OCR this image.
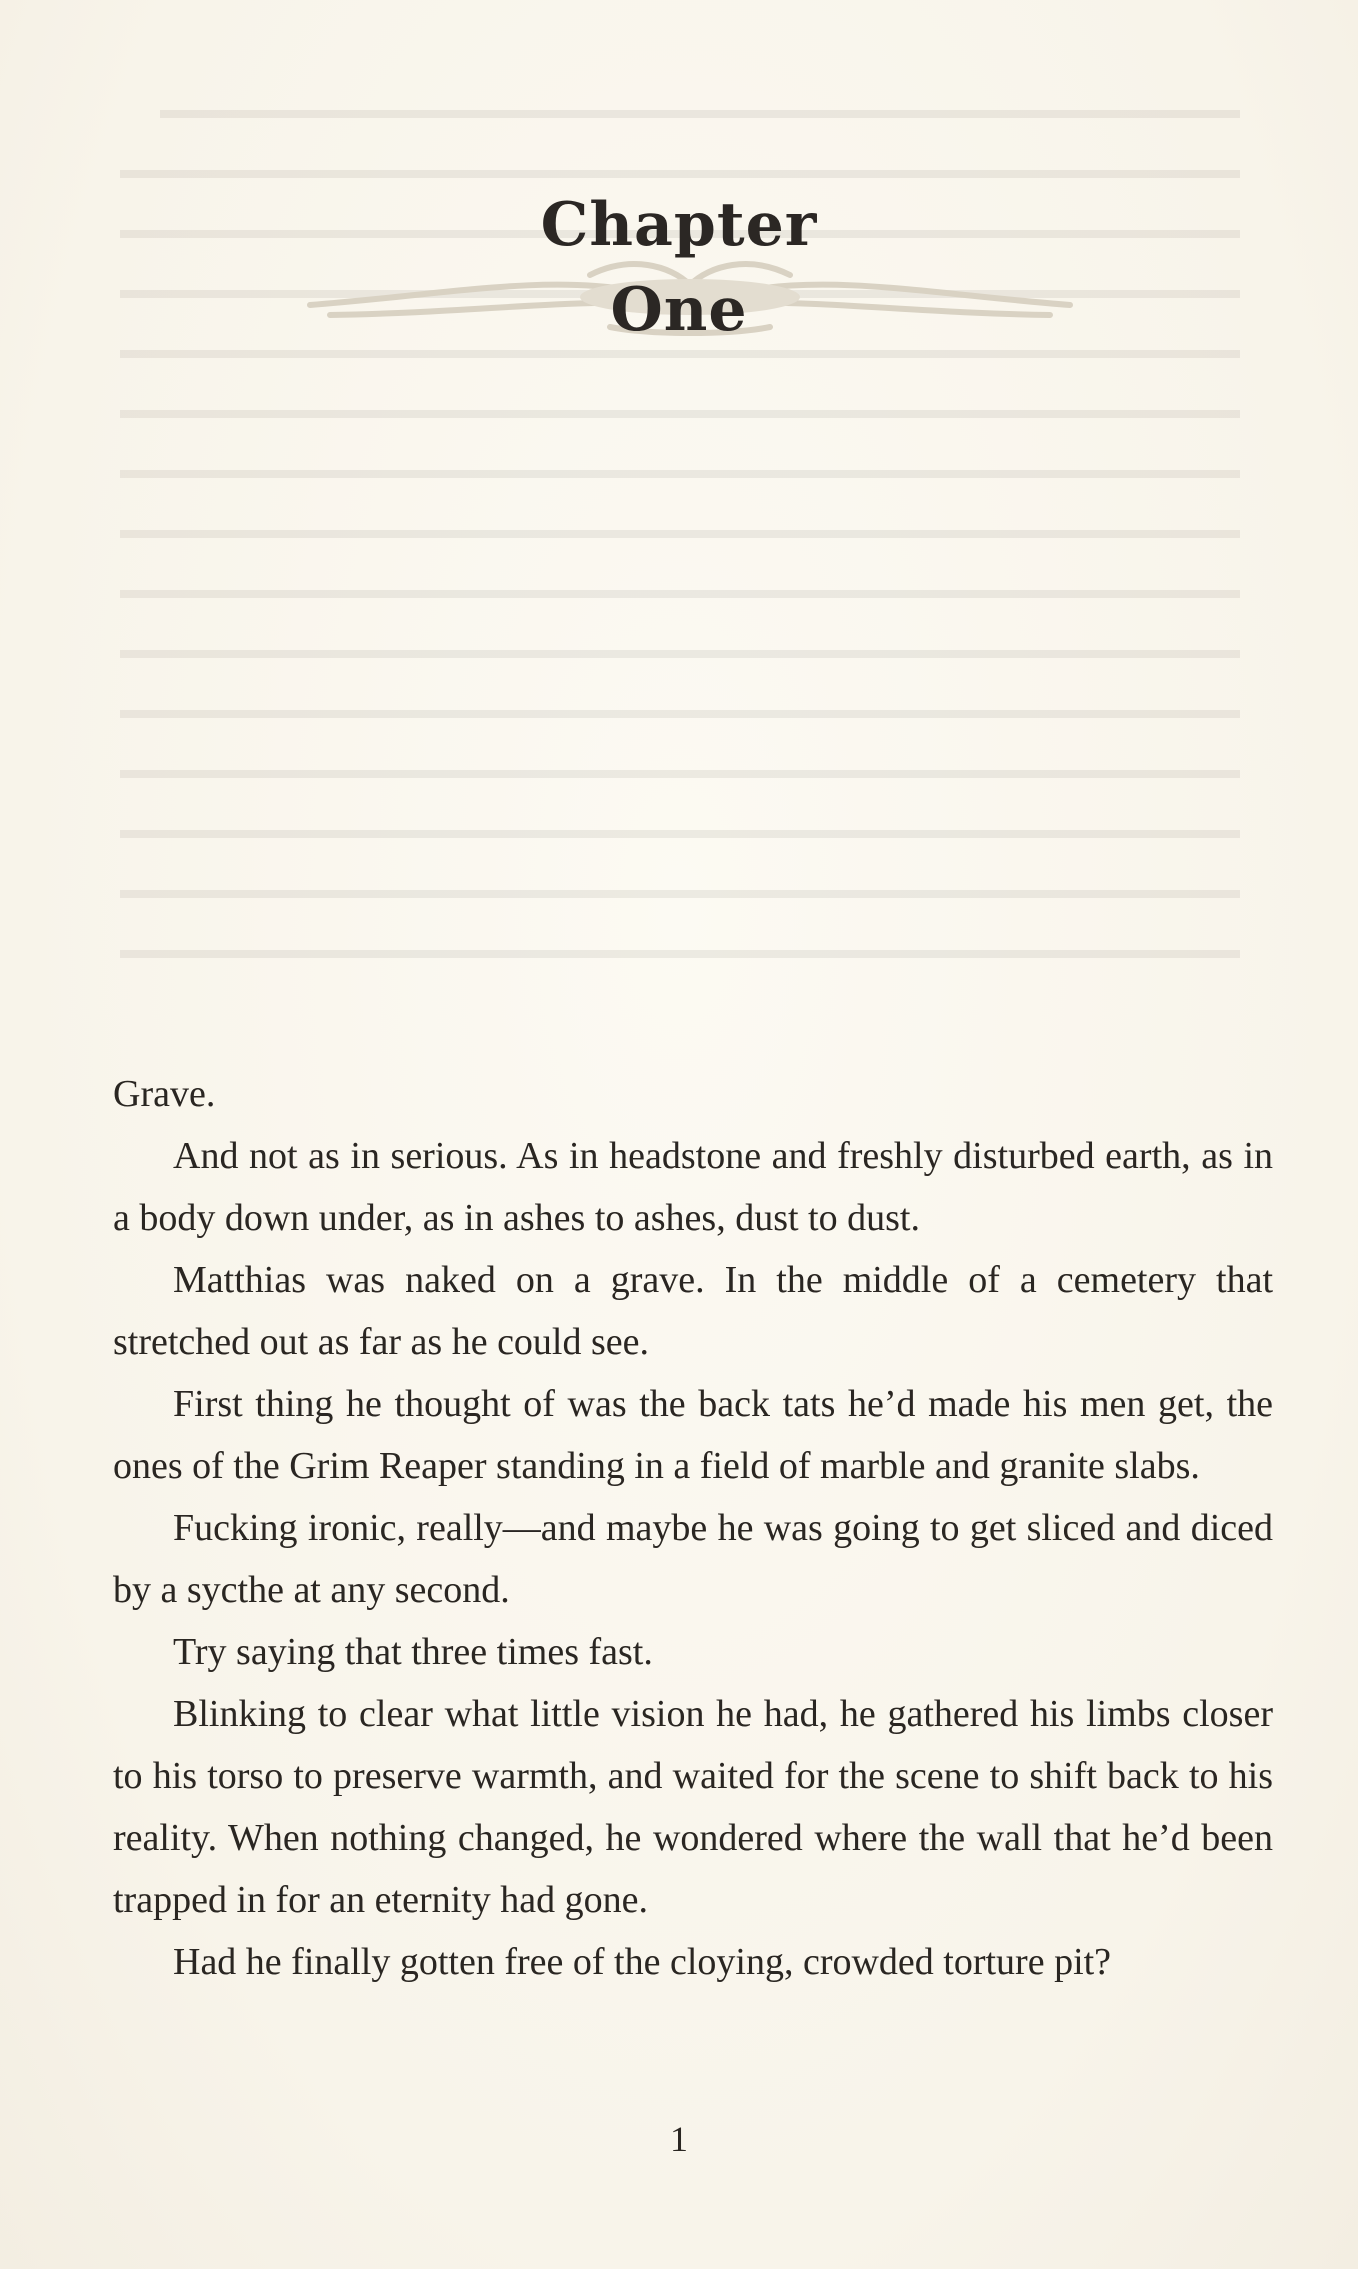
Chapter
One

Grave.

And not as in serious. As in headstone and freshly disturbed earth, as in a body down under, as in ashes to ashes, dust to dust.

Matthias was naked on a grave. In the middle of a cemetery that stretched out as far as he could see.

First thing he thought of was the back tats he’d made his men get, the ones of the Grim Reaper standing in a field of marble and granite slabs.

Fucking ironic, really—and maybe he was going to get sliced and diced by a sycthe at any second.

Try saying that three times fast.

Blinking to clear what little vision he had, he gathered his limbs closer to his torso to preserve warmth, and waited for the scene to shift back to his reality. When nothing changed, he wondered where the wall that he’d been trapped in for an eternity had gone.

Had he finally gotten free of the cloying, crowded torture pit?

1
